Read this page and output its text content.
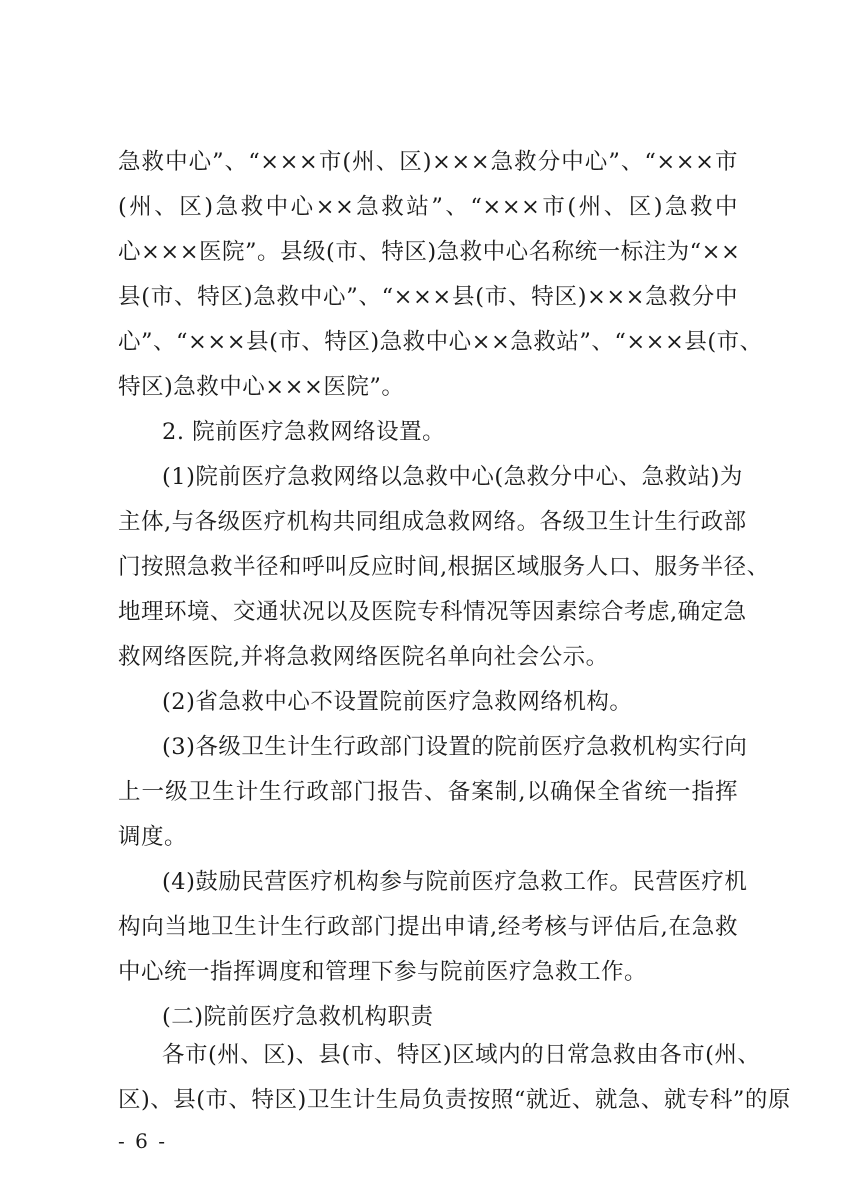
急救中心”、“×××市(州、区)×××急救分中心”、“×××市
(州、区)急救中心××急救站”、“×××市(州、区)急救中
心×××医院”。县级(市、特区)急救中心名称统一标注为“××
县(市、特区)急救中心”、“×××县(市、特区)×××急救分中
心”、“×××县(市、特区)急救中心××急救站”、“×××县(市、
特区)急救中心×××医院”。
2. 院前医疗急救网络设置。
(1)院前医疗急救网络以急救中心(急救分中心、急救站)为
主体,与各级医疗机构共同组成急救网络。各级卫生计生行政部
门按照急救半径和呼叫反应时间,根据区域服务人口、服务半径、
地理环境、交通状况以及医院专科情况等因素综合考虑,确定急
救网络医院,并将急救网络医院名单向社会公示。
(2)省急救中心不设置院前医疗急救网络机构。
(3)各级卫生计生行政部门设置的院前医疗急救机构实行向
上一级卫生计生行政部门报告、备案制,以确保全省统一指挥
调度。
(4)鼓励民营医疗机构参与院前医疗急救工作。民营医疗机
构向当地卫生计生行政部门提出申请,经考核与评估后,在急救
中心统一指挥调度和管理下参与院前医疗急救工作。
(二)院前医疗急救机构职责
各市(州、区)、县(市、特区)区域内的日常急救由各市(州、
区)、县(市、特区)卫生计生局负责按照“就近、就急、就专科”的原
- 6 -
